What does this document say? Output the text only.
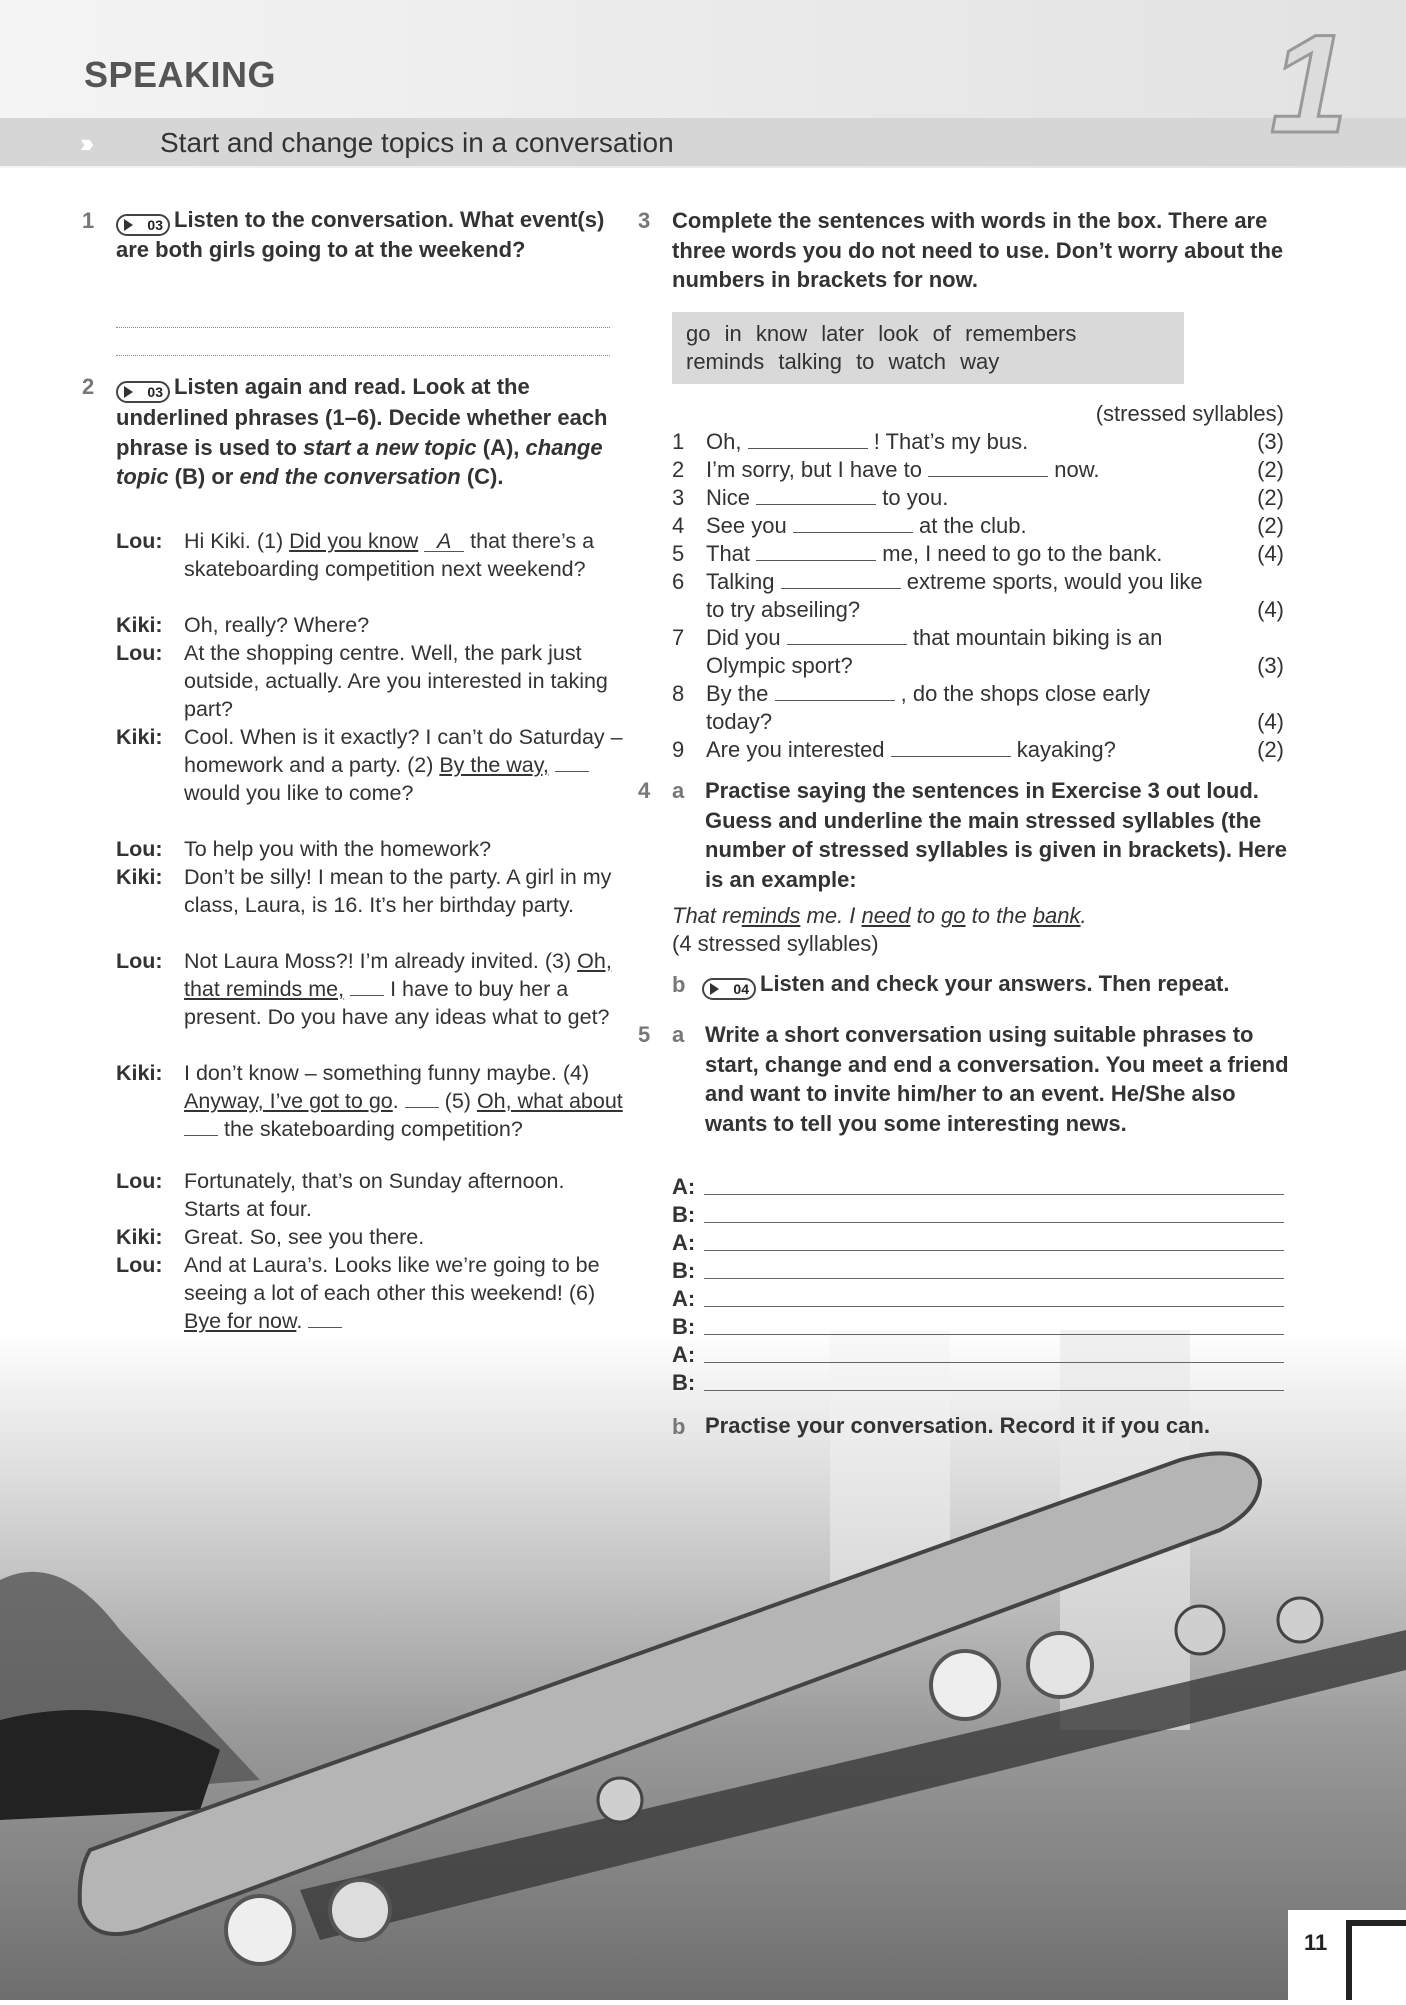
SPEAKING
›››	Start and change topics in a conversation	1
1	03 Listen to the conversation. What event(s) are both girls going to at the weekend?
2	03 Listen again and read. Look at the underlined phrases (1–6). Decide whether each phrase is used to start a new topic (A), change topic (B) or end the conversation (C).
Lou: Hi Kiki. (1) Did you know A that there’s a skateboarding competition next weekend?
Kiki: Oh, really? Where?
Lou: At the shopping centre. Well, the park just outside, actually. Are you interested in taking part?
Kiki: Cool. When is it exactly? I can’t do Saturday – homework and a party. (2) By the way,  would you like to come?
Lou: To help you with the homework?
Kiki: Don’t be silly! I mean to the party. A girl in my class, Laura, is 16. It’s her birthday party.
Lou: Not Laura Moss?! I’m already invited. (3) Oh, that reminds me,  I have to buy her a present. Do you have any ideas what to get?
Kiki: I don’t know – something funny maybe. (4) Anyway, I’ve got to go.  (5) Oh, what about  the skateboarding competition?
Lou: Fortunately, that’s on Sunday afternoon. Starts at four.
Kiki: Great. So, see you there.
Lou: And at Laura’s. Looks like we’re going to be seeing a lot of each other this weekend! (6) Bye for now.
3 Complete the sentences with words in the box. There are three words you do not need to use. Don’t worry about the numbers in brackets for now.
go in know later look of remembers
reminds talking to watch way
(stressed syllables)
1 Oh,	! That’s my bus.	(3)
2 I’m sorry, but I have to	now.	(2)
3 Nice	to you.	(2)
4 See you	at the club.	(2)
5 That	me, I need to go to the bank.	(4)
6 Talking	extreme sports, would you like to try abseiling?	(4)
7 Did you	that mountain biking is an Olympic sport?	(3)
8 By the	, do the shops close early today?	(4)
9 Are you interested	kayaking?	(2)
4 a Practise saying the sentences in Exercise 3 out loud. Guess and underline the main stressed syllables (the number of stressed syllables is given in brackets). Here is an example:
That reminds me. I need to go to the bank.
(4 stressed syllables)
b	04 Listen and check your answers. Then repeat.
5 a Write a short conversation using suitable phrases to start, change and end a conversation. You meet a friend and want to invite him/her to an event. He/She also wants to tell you some interesting news.
A:
B:
A:
B:
A:
B:
A:
B:
b Practise your conversation. Record it if you can.
11
